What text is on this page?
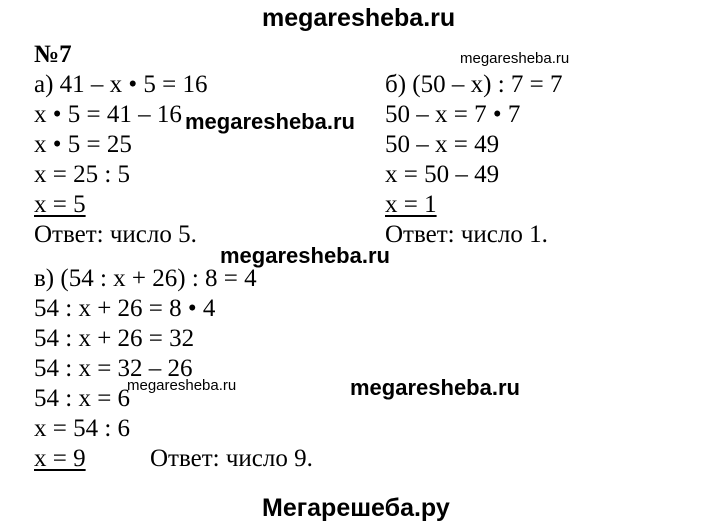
megaresheba.ru
№7
а) 41 – x • 5 = 16
x • 5 = 41 – 16
x • 5 = 25
x = 25 : 5
x = 5
Ответ: число 5.
б) (50 – x) : 7 = 7
50 – x = 7 • 7
50 – x = 49
x = 50 – 49
x = 1
Ответ: число 1.
в) (54 : x + 26) : 8 = 4
54 : x + 26 = 8 • 4
54 : x + 26 = 32
54 : x = 32 – 26
54 : x = 6
x = 54 : 6
x = 9	Ответ: число 9.
megaresheba.ru
megaresheba.ru
megaresheba.ru
megaresheba.ru	megaresheba.ru
Мегарешеба.ру
